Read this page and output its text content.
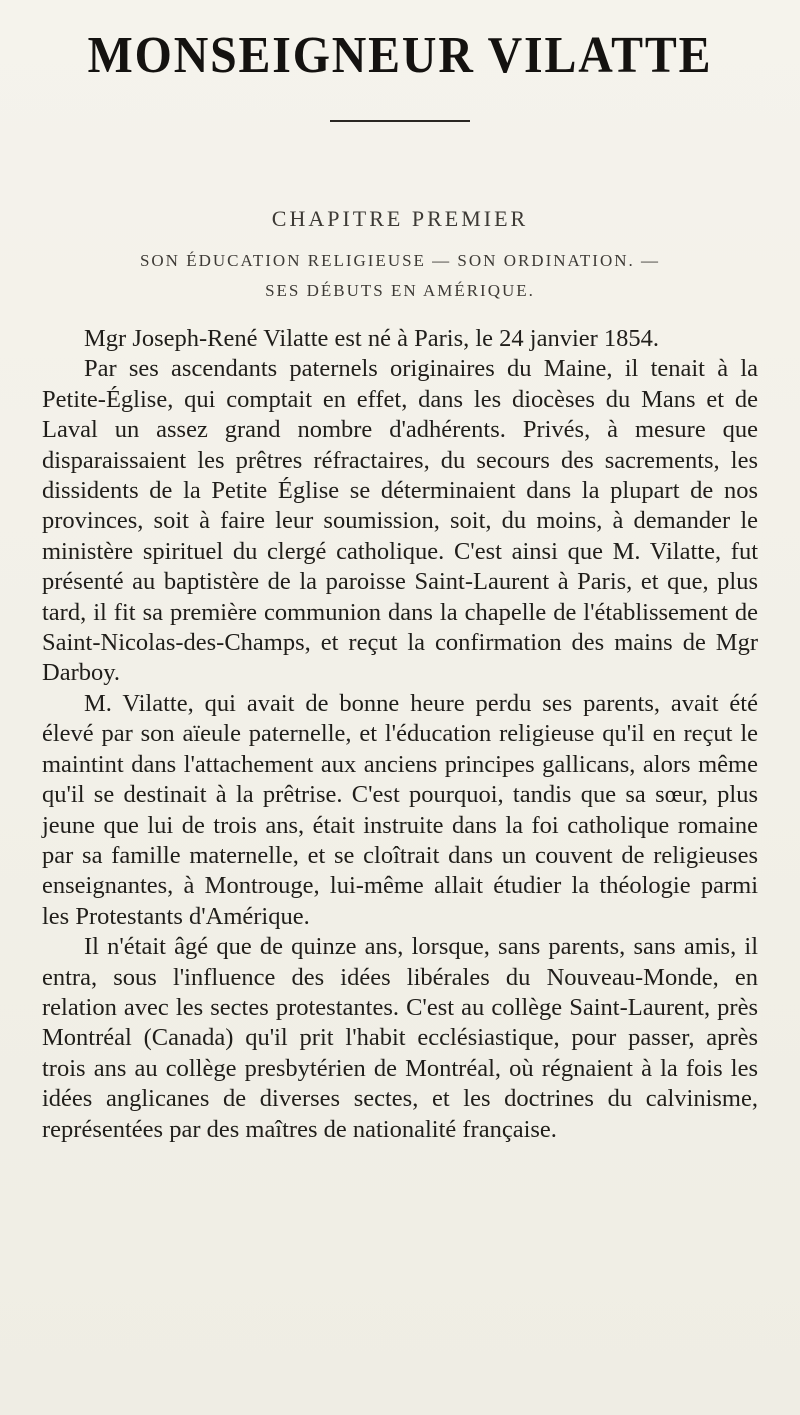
MONSEIGNEUR VILATTE
CHAPITRE PREMIER
SON ÉDUCATION RELIGIEUSE — SON ORDINATION. —
SES DÉBUTS EN AMÉRIQUE.

Mgr Joseph-René Vilatte est né à Paris, le 24 janvier 1854.

Par ses ascendants paternels originaires du Maine, il tenait à la Petite-Église, qui comptait en effet, dans les diocèses du Mans et de Laval un assez grand nombre d'adhérents. Privés, à mesure que disparaissaient les prêtres réfractaires, du secours des sacrements, les dissidents de la Petite Église se déterminaient dans la plupart de nos provinces, soit à faire leur soumission, soit, du moins, à demander le ministère spirituel du clergé catholique. C'est ainsi que M. Vilatte, fut présenté au baptistère de la paroisse Saint-Laurent à Paris, et que, plus tard, il fit sa première communion dans la chapelle de l'établissement de Saint-Nicolas-des-Champs, et reçut la confirmation des mains de Mgr Darboy.

M. Vilatte, qui avait de bonne heure perdu ses parents, avait été élevé par son aïeule paternelle, et l'éducation religieuse qu'il en reçut le maintint dans l'attachement aux anciens principes gallicans, alors même qu'il se destinait à la prêtrise. C'est pourquoi, tandis que sa sœur, plus jeune que lui de trois ans, était instruite dans la foi catholique romaine par sa famille maternelle, et se cloîtrait dans un couvent de religieuses enseignantes, à Montrouge, lui-même allait étudier la théologie parmi les Protestants d'Amérique.

Il n'était âgé que de quinze ans, lorsque, sans parents, sans amis, il entra, sous l'influence des idées libérales du Nouveau-Monde, en relation avec les sectes protestantes. C'est au collège Saint-Laurent, près Montréal (Canada) qu'il prit l'habit ecclésiastique, pour passer, après trois ans au collège presbytérien de Montréal, où régnaient à la fois les idées anglicanes de diverses sectes, et les doctrines du calvinisme, représentées par des maîtres de nationalité française.
